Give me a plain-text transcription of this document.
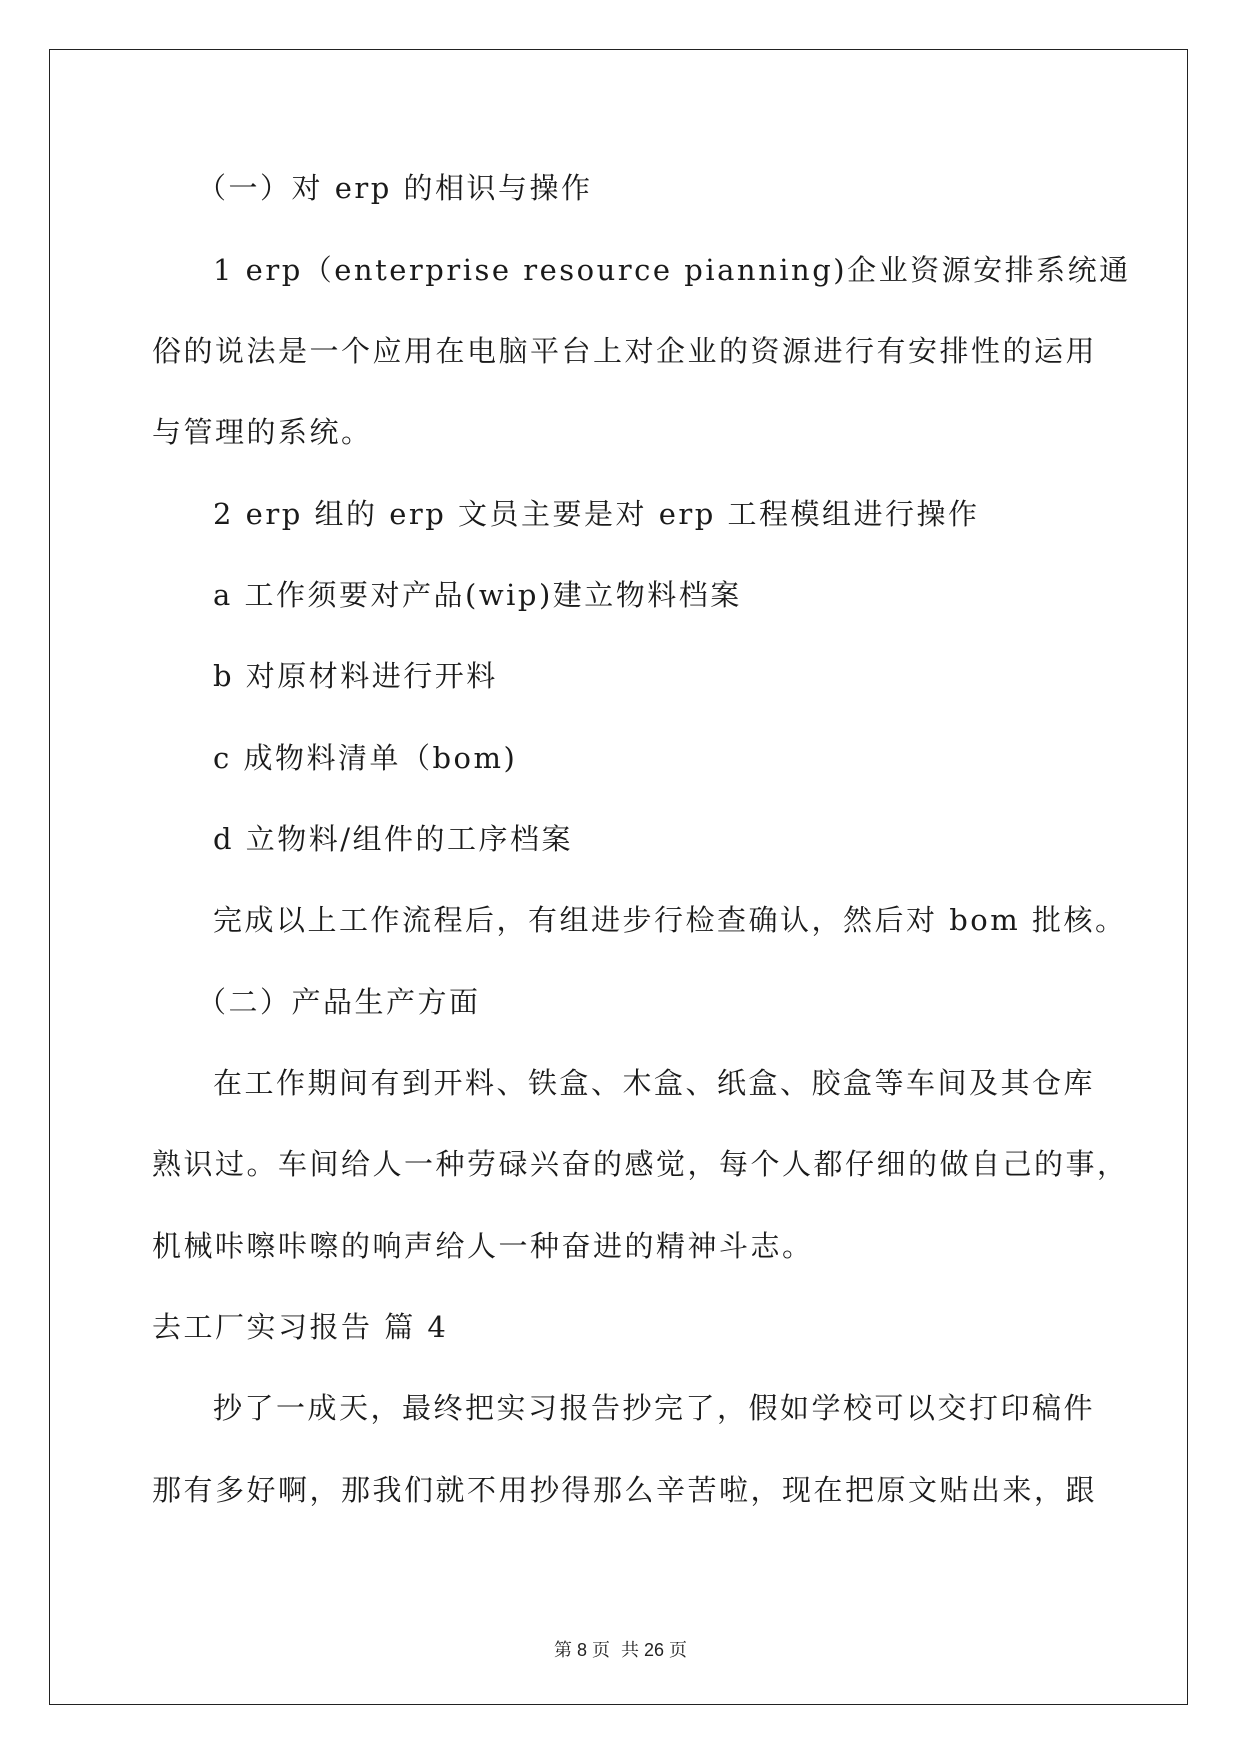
（一）对 erp 的相识与操作
1 erp（enterprise resource pianning)企业资源安排系统通
俗的说法是一个应用在电脑平台上对企业的资源进行有安排性的运用
与管理的系统。
2 erp 组的 erp 文员主要是对 erp 工程模组进行操作
a 工作须要对产品(wip)建立物料档案
b 对原材料进行开料
c 成物料清单（bom)
d 立物料/组件的工序档案
完成以上工作流程后，有组进步行检查确认，然后对 bom 批核。
（二）产品生产方面
在工作期间有到开料、铁盒、木盒、纸盒、胶盒等车间及其仓库
熟识过。车间给人一种劳碌兴奋的感觉，每个人都仔细的做自己的事，
机械咔嚓咔嚓的响声给人一种奋进的精神斗志。
去工厂实习报告 篇 4
抄了一成天，最终把实习报告抄完了，假如学校可以交打印稿件
那有多好啊，那我们就不用抄得那么辛苦啦，现在把原文贴出来，跟
第 8 页 共 26 页
